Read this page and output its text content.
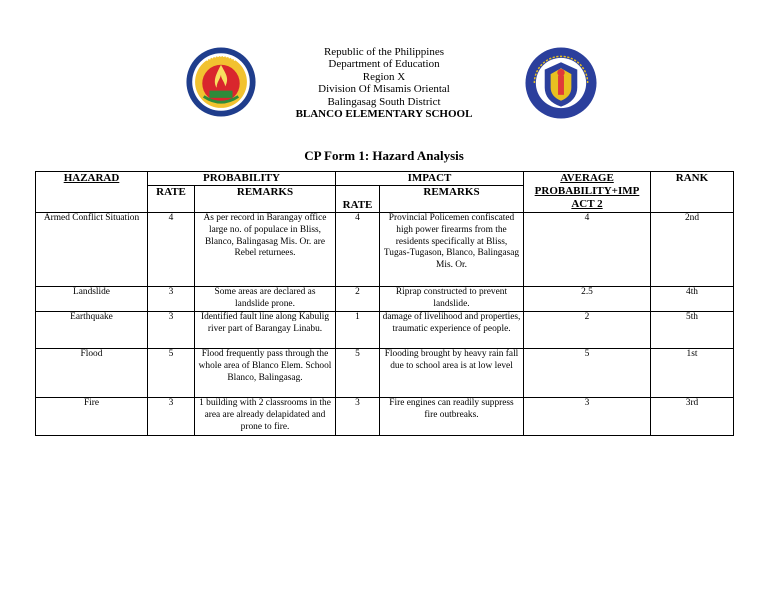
Republic of the Philippines
Department of Education
Region X
Division Of Misamis Oriental
Balingasag South District
BLANCO ELEMENTARY SCHOOL
CP Form 1: Hazard Analysis
HAZARAD	PROBABILITY		IMPACT		AVERAGE PROBABILITY+IMP ACT 2	RANK
	RATE	REMARKS	RATE	REMARKS		
Armed Conflict Situation	4	As per record in Barangay office large no. of populace in Bliss, Blanco, Balingasag Mis. Or. are Rebel returnees.	4	Provincial Policemen confiscated high power firearms from the residents specifically at Bliss, Tugas-Tugason, Blanco, Balingasag Mis. Or.	4	2nd
Landslide	3	Some areas are declared as landslide prone.	2	Riprap constructed to prevent landslide.	2.5	4th
Earthquake	3	Identified fault line along Kabulig river part of Barangay Linabu.	1	damage of livelihood and properties, traumatic experience of people.	2	5th
Flood	5	Flood frequently pass through the whole area of Blanco Elem. School Blanco, Balingasag.	5	Flooding brought by heavy rain fall due to school area is at low level	5	1st
Fire	3	1 building with 2 classrooms in the area are already delapidated and prone to fire.	3	Fire engines can readily suppress fire outbreaks.	3	3rd
